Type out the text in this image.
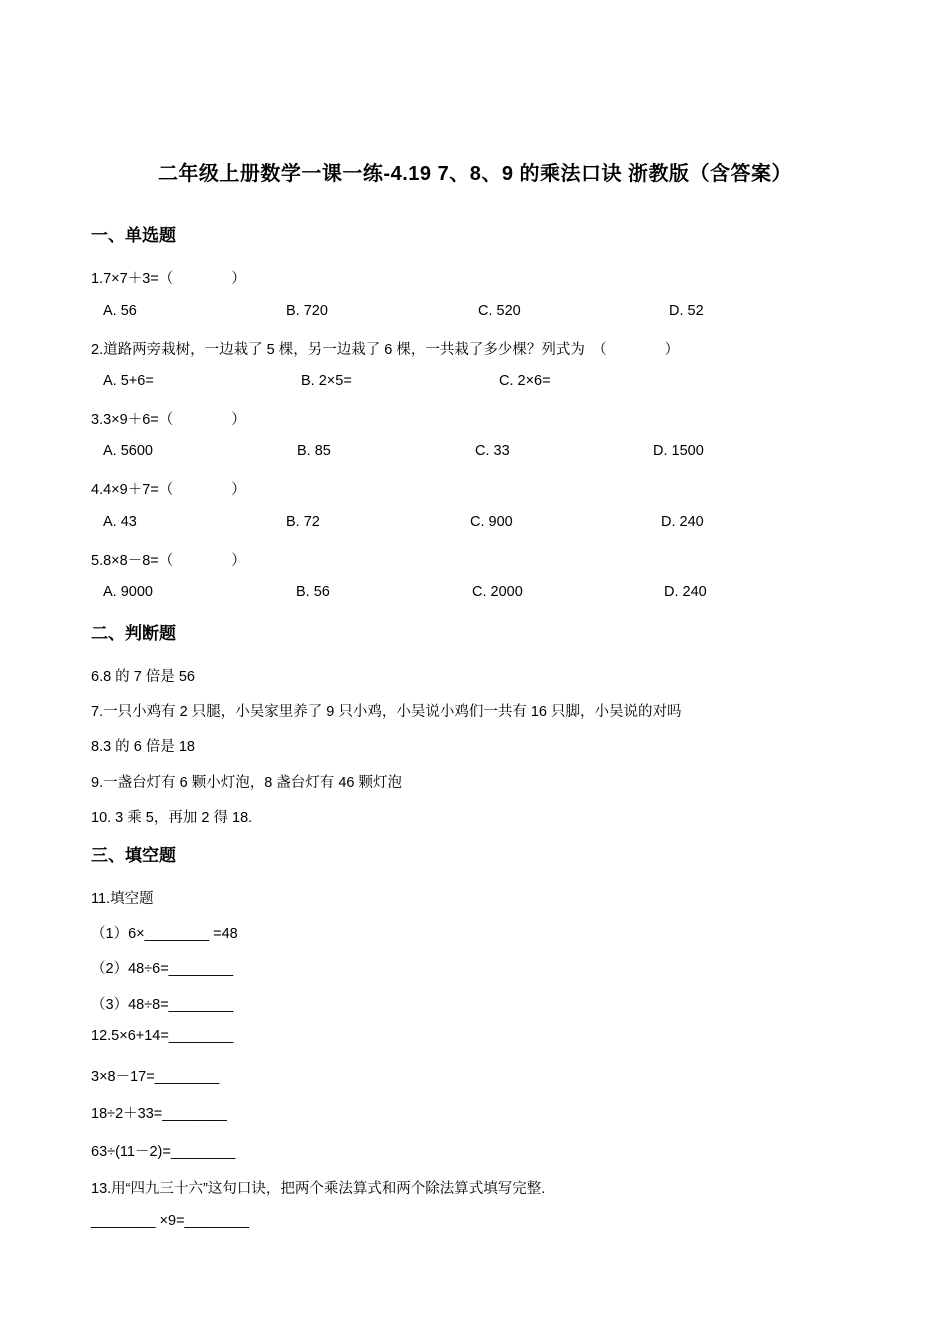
二年级上册数学一课一练-4.19 7、8、9 的乘法口诀 浙教版（含答案）
一、单选题
1.7×7＋3=（　　　　）
A. 56	B. 720	C. 520	D. 52
2.道路两旁栽树，一边栽了 5 棵，另一边栽了 6 棵，一共栽了多少棵？列式为　（　　　　）
A. 5+6=	B. 2×5=	C. 2×6=
3.3×9＋6=（　　　　）
A. 5600	B. 85	C. 33	D. 1500
4.4×9＋7=（　　　　）
A. 43	B. 72	C. 900	D. 240
5.8×8－8=（　　　　）
A. 9000	B. 56	C. 2000	D. 240
二、判断题
6.8 的 7 倍是 56
7.一只小鸡有 2 只腿，小吴家里养了 9 只小鸡，小吴说小鸡们一共有 16 只脚，小吴说的对吗
8.3 的 6 倍是 18
9.一盏台灯有 6 颗小灯泡，8 盏台灯有 46 颗灯泡
10. 3 乘 5，再加 2 得 18.
三、填空题
11.填空题
（1）6×________ =48
（2）48÷6=________
（3）48÷8=________
12.5×6+14=________
3×8－17=________
18÷2＋33=________
63÷(11－2)=________
13.用“四九三十六”这句口诀，把两个乘法算式和两个除法算式填写完整.
________ ×9=________
